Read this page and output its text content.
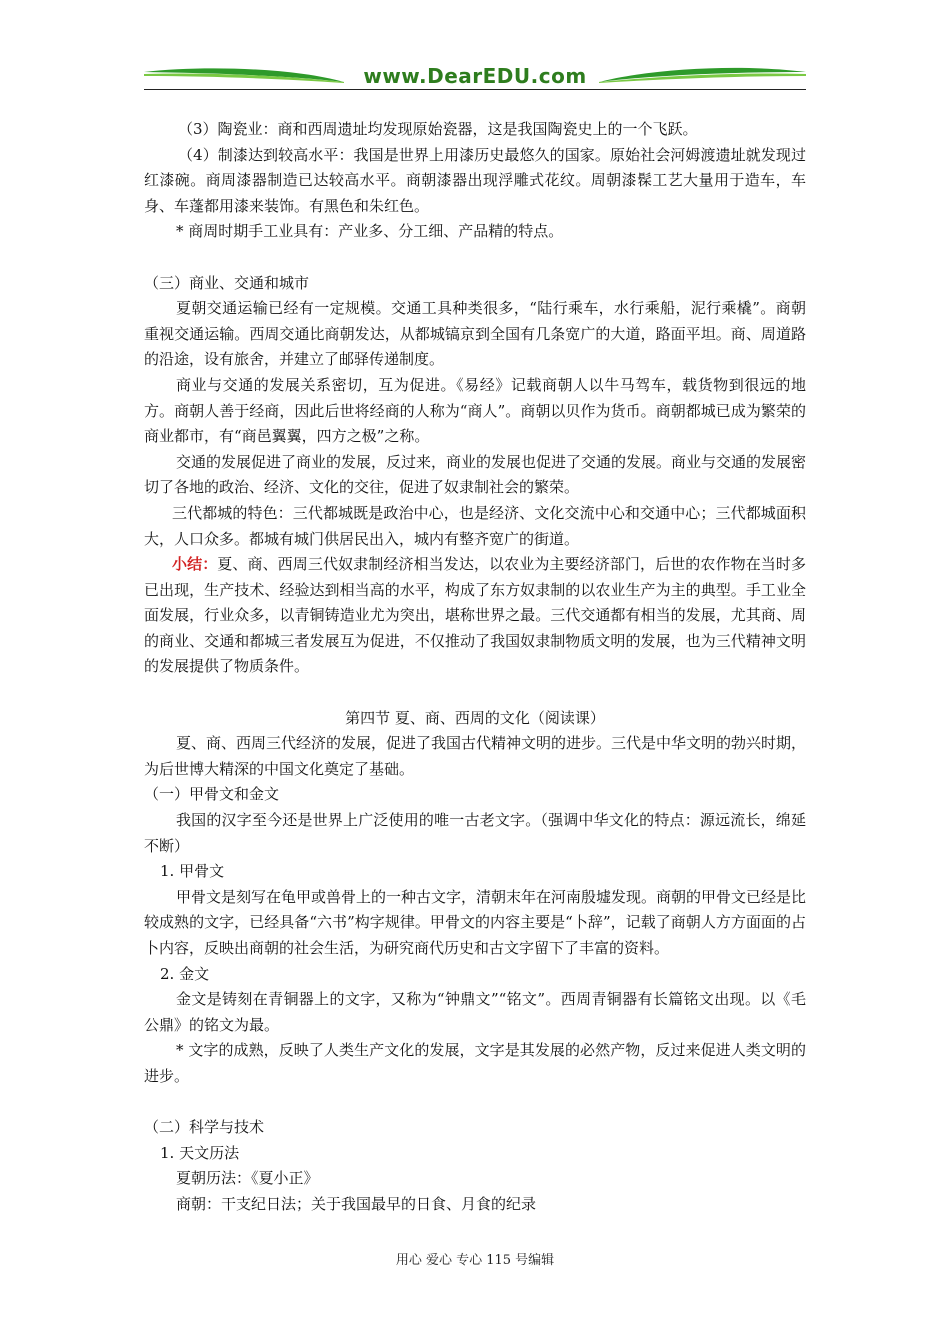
www.DearEDU.com

（3）陶瓷业：商和西周遗址均发现原始瓷器，这是我国陶瓷史上的一个飞跃。

（4）制漆达到较高水平：我国是世界上用漆历史最悠久的国家。原始社会河姆渡遗址就发现过红漆碗。商周漆器制造已达较高水平。商朝漆器出现浮雕式花纹。周朝漆髹工艺大量用于造车，车身、车蓬都用漆来装饰。有黑色和朱红色。

* 商周时期手工业具有：产业多、分工细、产品精的特点。

（三）商业、交通和城市

夏朝交通运输已经有一定规模。交通工具种类很多，“陆行乘车，水行乘船，泥行乘橇”。商朝重视交通运输。西周交通比商朝发达，从都城镐京到全国有几条宽广的大道，路面平坦。商、周道路的沿途，设有旅舍，并建立了邮驿传递制度。

商业与交通的发展关系密切，互为促进。《易经》记载商朝人以牛马驾车，载货物到很远的地方。商朝人善于经商，因此后世将经商的人称为“商人”。商朝以贝作为货币。商朝都城已成为繁荣的商业都市，有“商邑翼翼，四方之极”之称。

交通的发展促进了商业的发展，反过来，商业的发展也促进了交通的发展。商业与交通的发展密切了各地的政治、经济、文化的交往，促进了奴隶制社会的繁荣。

三代都城的特色：三代都城既是政治中心，也是经济、文化交流中心和交通中心；三代都城面积大，人口众多。都城有城门供居民出入，城内有整齐宽广的街道。

小结：夏、商、西周三代奴隶制经济相当发达，以农业为主要经济部门，后世的农作物在当时多已出现，生产技术、经验达到相当高的水平，构成了东方奴隶制的以农业生产为主的典型。手工业全面发展，行业众多，以青铜铸造业尤为突出，堪称世界之最。三代交通都有相当的发展，尤其商、周的商业、交通和都城三者发展互为促进，不仅推动了我国奴隶制物质文明的发展，也为三代精神文明的发展提供了物质条件。

第四节 夏、商、西周的文化（阅读课）

夏、商、西周三代经济的发展，促进了我国古代精神文明的进步。三代是中华文明的勃兴时期，为后世博大精深的中国文化奠定了基础。

（一）甲骨文和金文

我国的汉字至今还是世界上广泛使用的唯一古老文字。（强调中华文化的特点：源远流长，绵延不断）

1. 甲骨文

甲骨文是刻写在龟甲或兽骨上的一种古文字，清朝末年在河南殷墟发现。商朝的甲骨文已经是比较成熟的文字，已经具备“六书”构字规律。甲骨文的内容主要是“卜辞”，记载了商朝人方方面面的占卜内容，反映出商朝的社会生活，为研究商代历史和古文字留下了丰富的资料。

2. 金文

金文是铸刻在青铜器上的文字，又称为“钟鼎文”“铭文”。西周青铜器有长篇铭文出现。以《毛公鼎》的铭文为最。

* 文字的成熟，反映了人类生产文化的发展，文字是其发展的必然产物，反过来促进人类文明的进步。

（二）科学与技术

1. 天文历法

夏朝历法：《夏小正》

商朝：干支纪日法；关于我国最早的日食、月食的纪录

用心 爱心 专心 115 号编辑
